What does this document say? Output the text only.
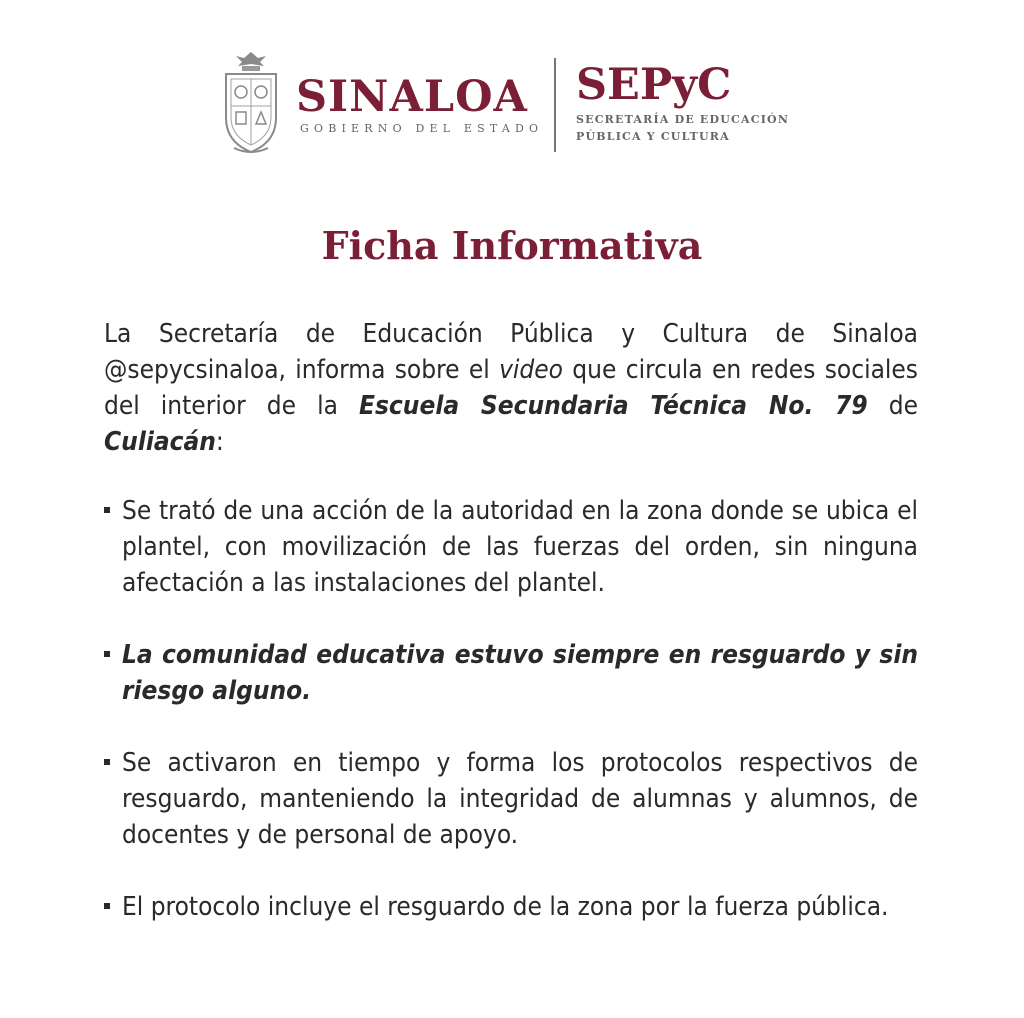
SINALOA
GOBIERNO DEL ESTADO
SEPyC
SECRETARÍA DE EDUCACIÓN
PÚBLICA Y CULTURA
Ficha Informativa

La Secretaría de Educación Pública y Cultura de Sinaloa @sepycsinaloa, informa sobre el video que circula en redes sociales del interior de la Escuela Secundaria Técnica No. 79 de Culiacán:

Se trató de una acción de la autoridad en la zona donde se ubica el plantel, con movilización de las fuerzas del orden, sin ninguna afectación a las instalaciones del plantel.
La comunidad educativa estuvo siempre en resguardo y sin riesgo alguno.
Se activaron en tiempo y forma los protocolos respectivos de resguardo, manteniendo la integridad de alumnas y alumnos, de docentes y de personal de apoyo.
El protocolo incluye el resguardo de la zona por la fuerza pública.
